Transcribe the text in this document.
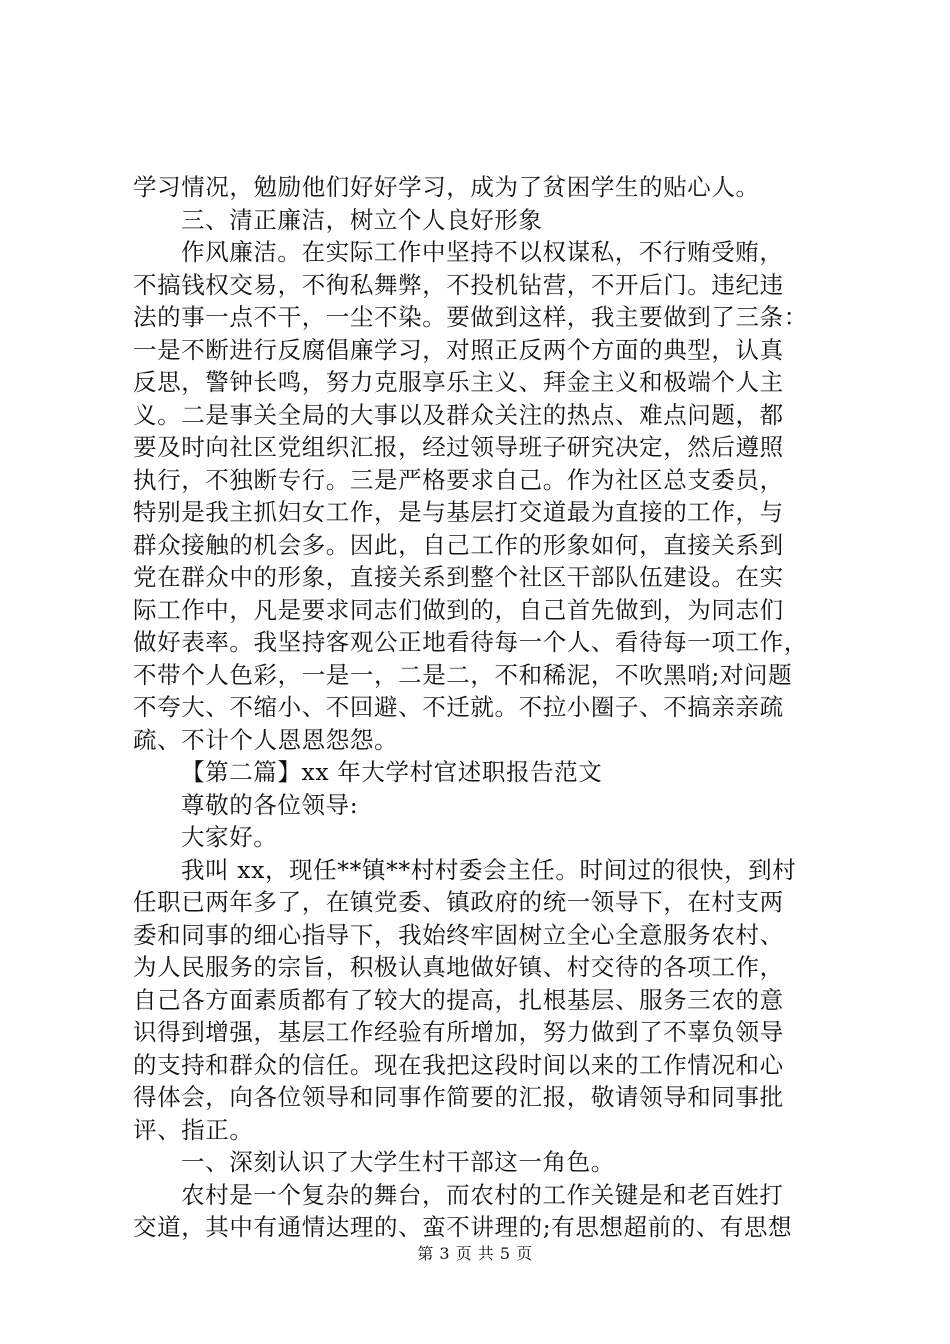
学习情况，勉励他们好好学习，成为了贫困学生的贴心人。
三、清正廉洁，树立个人良好形象
作风廉洁。在实际工作中坚持不以权谋私，不行贿受贿，
不搞钱权交易，不徇私舞弊，不投机钻营，不开后门。违纪违
法的事一点不干，一尘不染。要做到这样，我主要做到了三条：
一是不断进行反腐倡廉学习，对照正反两个方面的典型，认真
反思，警钟长鸣，努力克服享乐主义、拜金主义和极端个人主
义。二是事关全局的大事以及群众关注的热点、难点问题，都
要及时向社区党组织汇报，经过领导班子研究决定，然后遵照
执行，不独断专行。三是严格要求自己。作为社区总支委员，
特别是我主抓妇女工作，是与基层打交道最为直接的工作，与
群众接触的机会多。因此，自己工作的形象如何，直接关系到
党在群众中的形象，直接关系到整个社区干部队伍建设。在实
际工作中，凡是要求同志们做到的，自己首先做到，为同志们
做好表率。我坚持客观公正地看待每一个人、看待每一项工作，
不带个人色彩，一是一，二是二，不和稀泥，不吹黑哨;对问题
不夸大、不缩小、不回避、不迁就。不拉小圈子、不搞亲亲疏
疏、不计个人恩恩怨怨。
【第二篇】xx 年大学村官述职报告范文
尊敬的各位领导:
大家好。
我叫 xx，现任**镇**村村委会主任。时间过的很快，到村
任职已两年多了，在镇党委、镇政府的统一领导下，在村支两
委和同事的细心指导下，我始终牢固树立全心全意服务农村、
为人民服务的宗旨，积极认真地做好镇、村交待的各项工作，
自己各方面素质都有了较大的提高，扎根基层、服务三农的意
识得到增强，基层工作经验有所增加，努力做到了不辜负领导
的支持和群众的信任。现在我把这段时间以来的工作情况和心
得体会，向各位领导和同事作简要的汇报，敬请领导和同事批
评、指正。
一、深刻认识了大学生村干部这一角色。
农村是一个复杂的舞台，而农村的工作关键是和老百姓打
交道，其中有通情达理的、蛮不讲理的;有思想超前的、有思想
第 3 页 共 5 页
